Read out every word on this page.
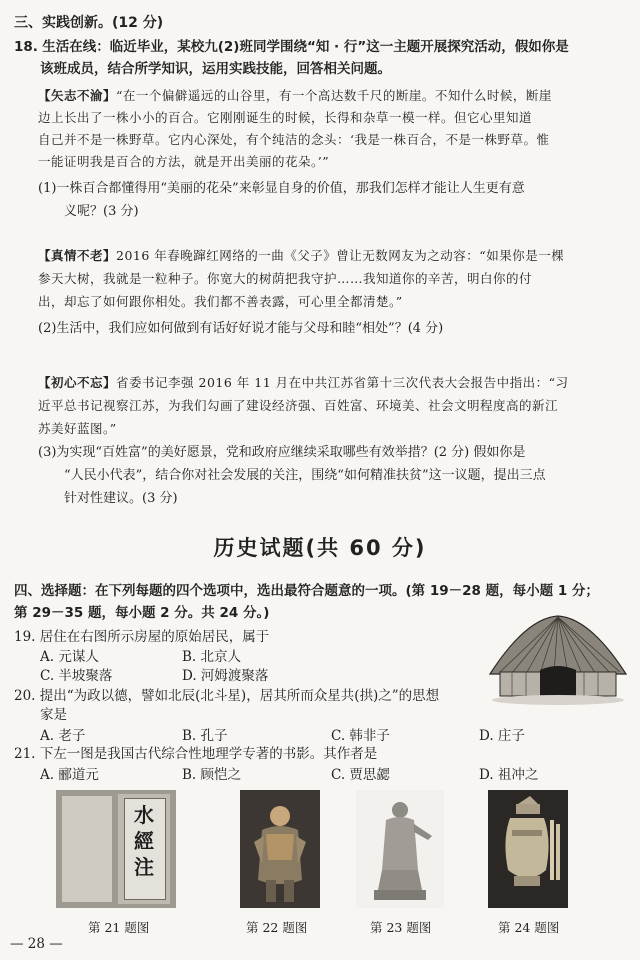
三、实践创新。(12 分)
18. 生活在线：临近毕业，某校九(2)班同学围绕“知 · 行”这一主题开展探究活动，假如你是
该班成员，结合所学知识，运用实践技能，回答相关问题。
【矢志不渝】“在一个偏僻遥远的山谷里，有一个高达数千尺的断崖。不知什么时候，断崖
边上长出了一株小小的百合。它刚刚诞生的时候，长得和杂草一模一样。但它心里知道
自己并不是一株野草。它内心深处，有个纯洁的念头：‘我是一株百合，不是一株野草。惟
一能证明我是百合的方法，就是开出美丽的花朵。’”
(1)一株百合都懂得用“美丽的花朵”来彰显自身的价值，那我们怎样才能让人生更有意
义呢？(3 分)
【真情不老】2016 年春晚蹿红网络的一曲《父子》曾让无数网友为之动容：“如果你是一棵
参天大树，我就是一粒种子。你宽大的树荫把我守护……我知道你的辛苦，明白你的付
出，却忘了如何跟你相处。我们都不善表露，可心里全都清楚。”
(2)生活中，我们应如何做到有话好好说才能与父母和睦“相处”？(4 分)
【初心不忘】省委书记李强 2016 年 11 月在中共江苏省第十三次代表大会报告中指出：“习
近平总书记视察江苏，为我们勾画了建设经济强、百姓富、环境美、社会文明程度高的新江
苏美好蓝图。”
(3)为实现“百姓富”的美好愿景，党和政府应继续采取哪些有效举措？(2 分) 假如你是
“人民小代表”，结合你对社会发展的关注，围绕“如何精准扶贫”这一议题，提出三点
针对性建议。(3 分)
历史试题(共 60 分)
四、选择题：在下列每题的四个选项中，选出最符合题意的一项。(第 19－28 题，每小题 1 分；
第 29－35 题，每小题 2 分。共 24 分。)
19. 居住在右图所示房屋的原始居民，属于
A. 元谋人	B. 北京人
C. 半坡聚落	D. 河姆渡聚落
20. 提出“为政以德，譬如北辰(北斗星)，居其所而众星共(拱)之”的思想
家是
A. 老子	B. 孔子	C. 韩非子	D. 庄子
21. 下左一图是我国古代综合性地理学专著的书影。其作者是
A. 郦道元	B. 顾恺之	C. 贾思勰	D. 祖冲之
水經注
第 21 题图	第 22 题图	第 23 题图	第 24 题图
— 28 —
